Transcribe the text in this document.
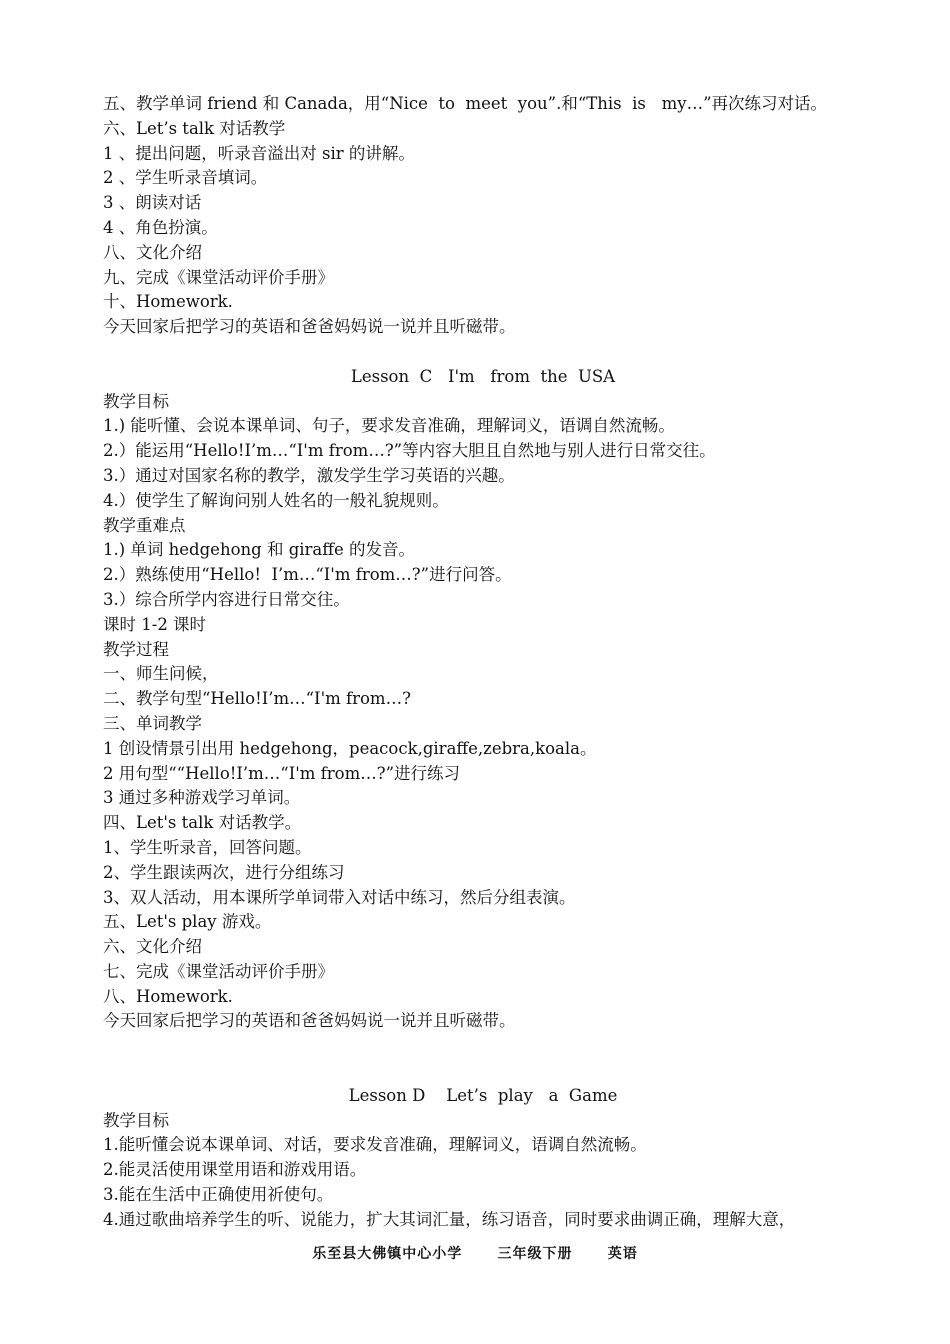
五、教学单词 friend 和 Canada，用“Nice  to  meet  you”.和“This  is   my…”再次练习对话。
六、Let’s talk 对话教学
1 、提出问题，听录音溢出对 sir 的讲解。
2 、学生听录音填词。
3 、朗读对话
4 、角色扮演。
八、文化介绍
九、完成《课堂活动评价手册》
十、Homework.
今天回家后把学习的英语和爸爸妈妈说一说并且听磁带。
Lesson  C   I'm   from  the  USA
教学目标
1.) 能听懂、会说本课单词、句子，要求发音准确，理解词义，语调自然流畅。
2.）能运用“Hello!I’m…“I'm from…?”等内容大胆且自然地与别人进行日常交往。
3.）通过对国家名称的教学，激发学生学习英语的兴趣。
4.）使学生了解询问别人姓名的一般礼貌规则。
教学重难点
1.) 单词 hedgehong 和 giraffe 的发音。
2.）熟练使用“Hello!  I’m…“I'm from…?”进行问答。
3.）综合所学内容进行日常交往。
课时 1-2 课时
教学过程
一、师生问候，
二、教学句型“Hello!I’m…“I'm from…?
三、单词教学
1 创设情景引出用 hedgehong，peacock,giraffe,zebra,koala。
2 用句型““Hello!I’m…“I'm from…?”进行练习
3 通过多种游戏学习单词。
四、Let's talk 对话教学。
1、学生听录音，回答问题。
2、学生跟读两次，进行分组练习
3、双人活动，用本课所学单词带入对话中练习，然后分组表演。
五、Let's play 游戏。
六、文化介绍
七、完成《课堂活动评价手册》
八、Homework.
今天回家后把学习的英语和爸爸妈妈说一说并且听磁带。
Lesson D    Let’s  play   a  Game
教学目标
1.能听懂会说本课单词、对话，要求发音准确，理解词义，语调自然流畅。
2.能灵活使用课堂用语和游戏用语。
3.能在生活中正确使用祈使句。
4.通过歌曲培养学生的听、说能力，扩大其词汇量，练习语音，同时要求曲调正确，理解大意，
乐至县大佛镇中心小学      三年级下册      英语
